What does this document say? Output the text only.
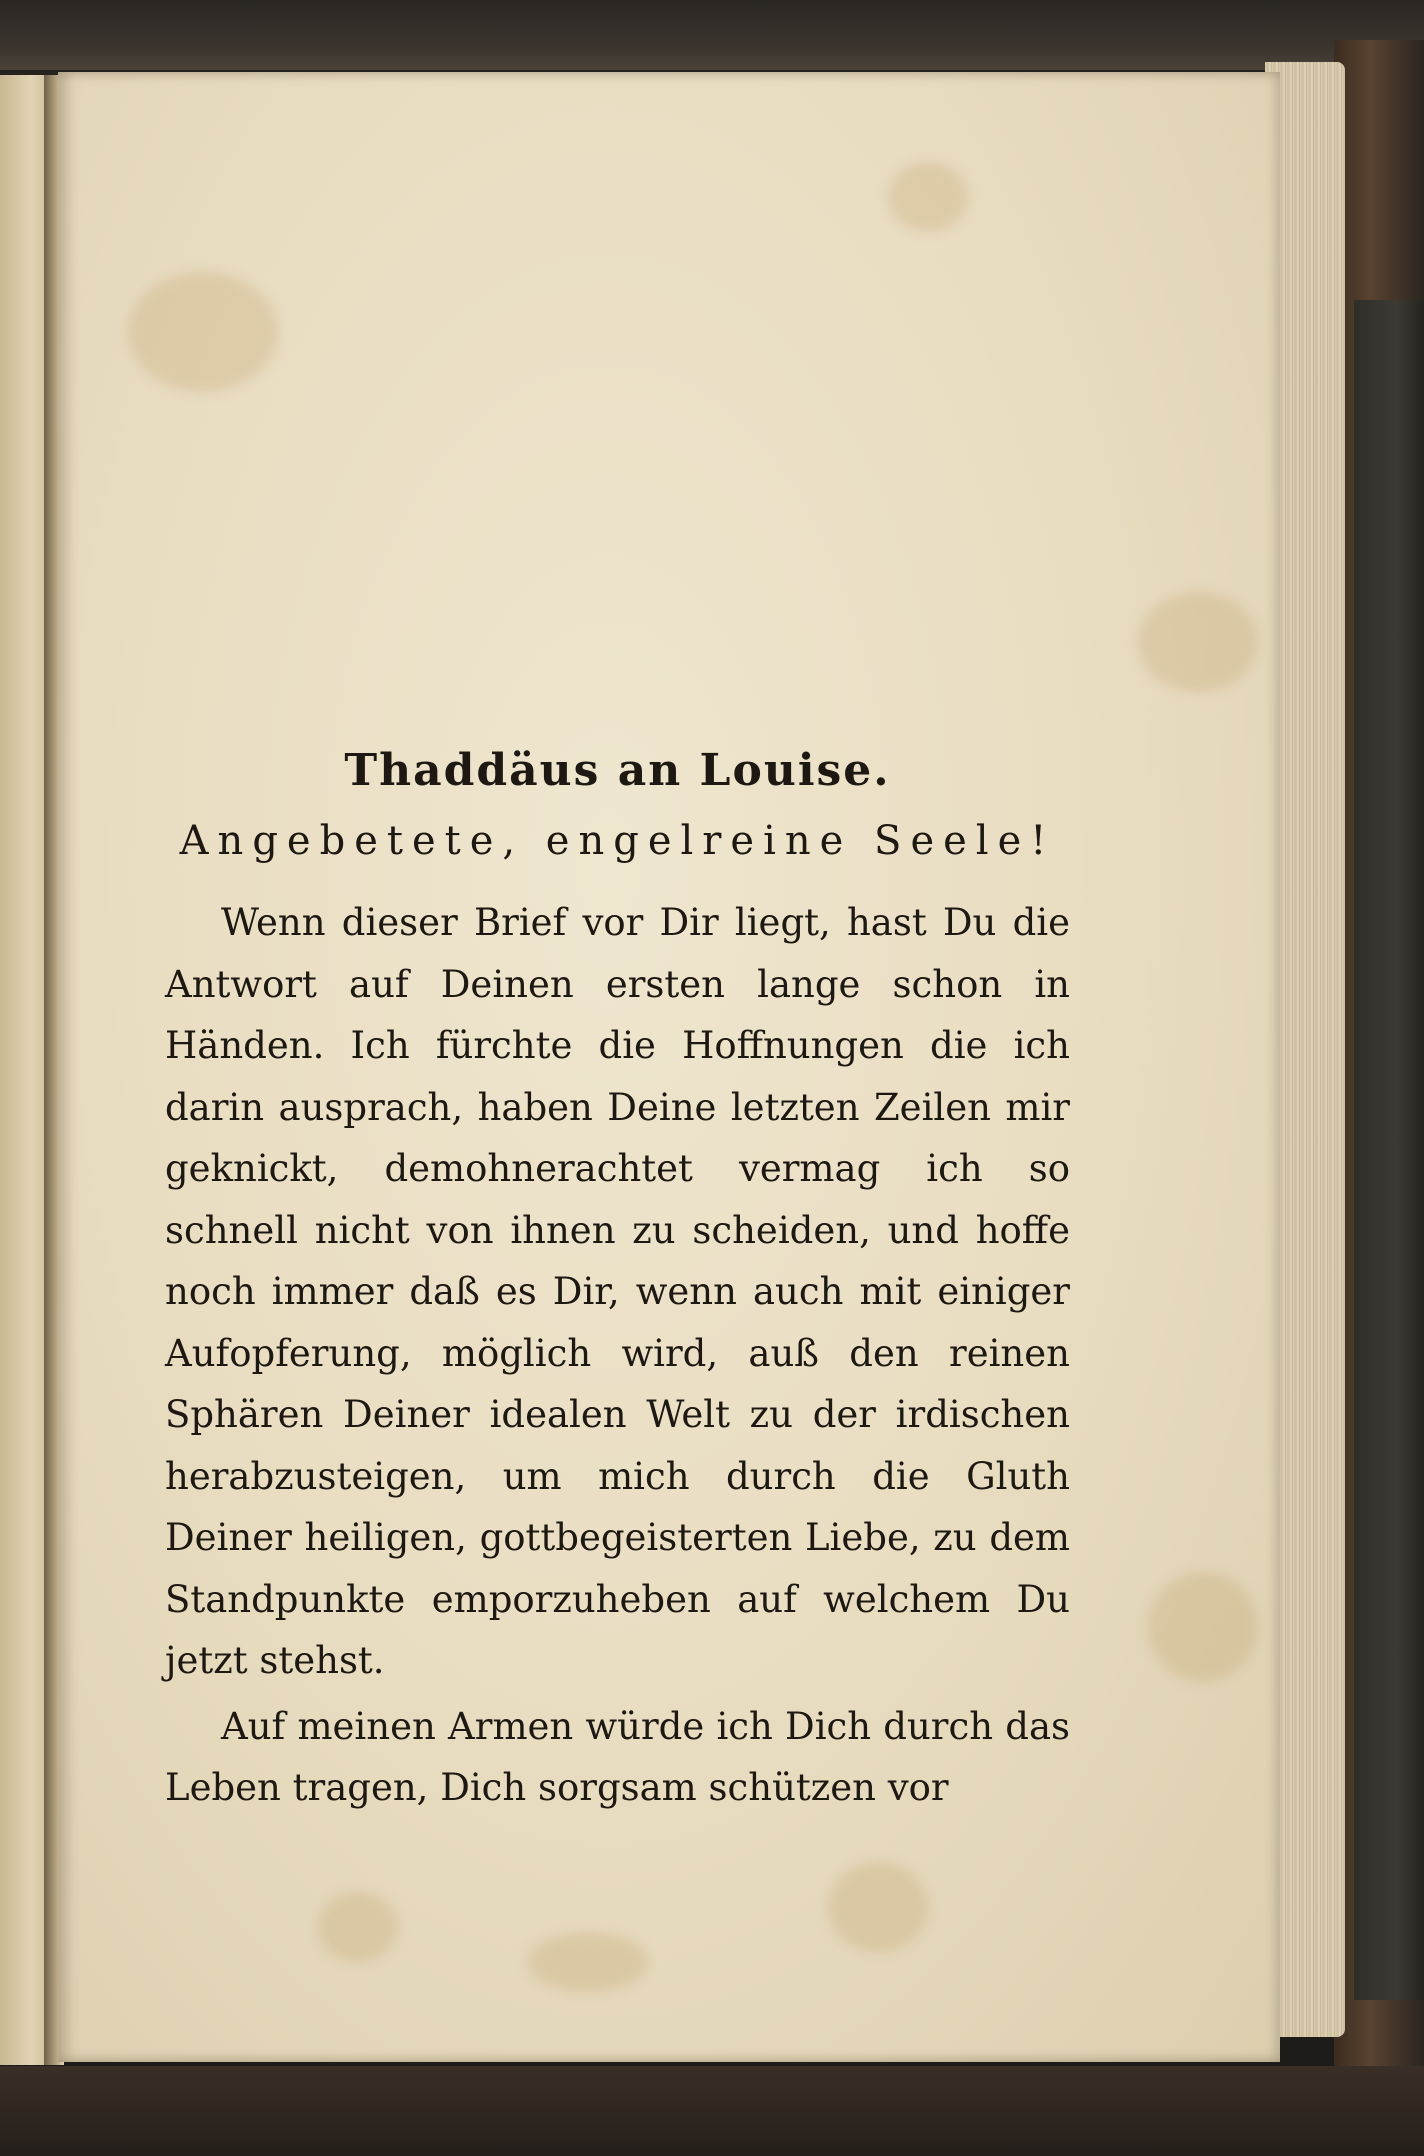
Thaddäus an Louise.
Angebetete, engelreine Seele!

Wenn dieser Brief vor Dir liegt, hast Du die Antwort auf Deinen ersten lange schon in Händen. Ich fürchte die Hoffnungen die ich darin ausprach, haben Deine letzten Zeilen mir geknickt, demohnerachtet vermag ich so schnell nicht von ihnen zu scheiden, und hoffe noch immer daß es Dir, wenn auch mit einiger Aufopferung, möglich wird, auß den reinen Sphären Deiner idealen Welt zu der irdischen herabzusteigen, um mich durch die Gluth Deiner heiligen, gottbegeisterten Liebe, zu dem Standpunkte emporzuheben auf welchem Du jetzt stehst.

Auf meinen Armen würde ich Dich durch das Leben tragen, Dich sorgsam schützen vor
